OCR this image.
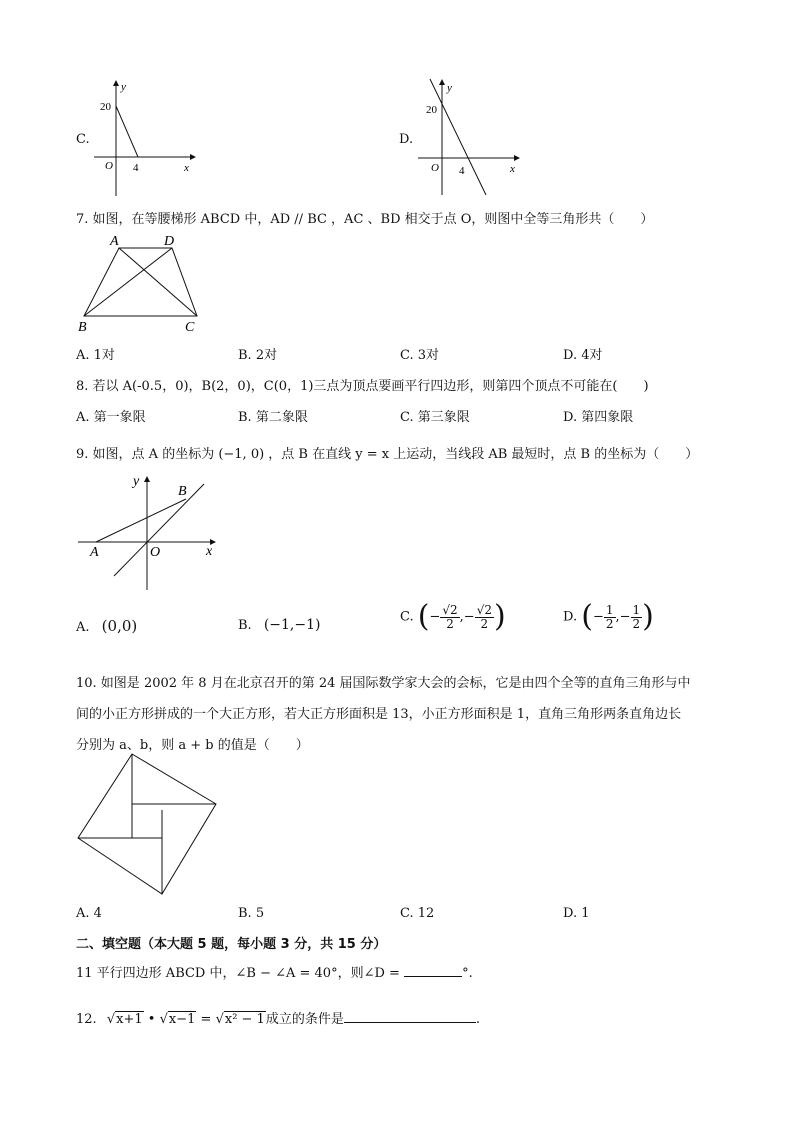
C.
y
20
O 4	x
D.
y
20
O 4	x
7. 如图，在等腰梯形 ABCD 中，AD // BC ，AC 、BD 相交于点 O，则图中全等三角形共（　　）
A	D
B	C
A. 1对	B. 2对	C. 3对	D. 4对
8. 若以 A(-0.5，0)，B(2，0)，C(0，1)三点为顶点要画平行四边形，则第四个顶点不可能在(　　)
A. 第一象限	B. 第二象限	C. 第三象限	D. 第四象限
9. 如图，点 A 的坐标为 (−1, 0) ，点 B 在直线 y = x 上运动，当线段 AB 最短时，点 B 的坐标为（　　）
y
B
A	O	x
A. (0,0)	B. (−1,−1)	C. (− $\frac{√2}{2}$ ,− $\frac{√2}{2}$ )	D. (− $\frac{1}{2}$ ,− $\frac{1}{2}$ )
10. 如图是 2002 年 8 月在北京召开的第 24 届国际数学家大会的会标，它是由四个全等的直角三角形与中
间的小正方形拼成的一个大正方形，若大正方形面积是 13，小正方形面积是 1，直角三角形两条直角边长
分别为 a、b，则 a + b 的值是（　　）
A. 4	B. 5	C. 12	D. 1
二、填空题（本大题 5 题，每小题 3 分，共 15 分）
11 平行四边形 ABCD 中，∠B − ∠A = 40°，则∠D =	°.
12. √x+1 • √x−1 = √x² − 1成立的条件是	.
